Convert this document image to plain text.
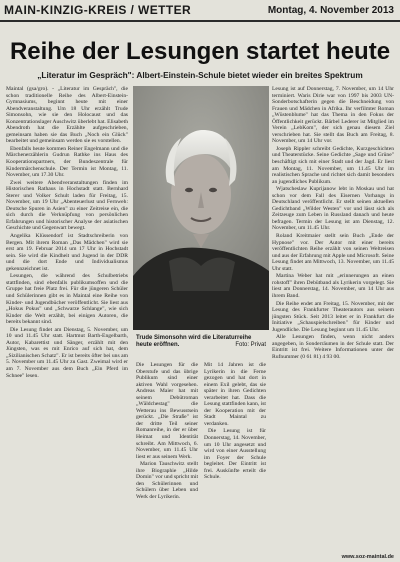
MAIN-KINZIG-KREIS / WETTER	Montag, 4. November 2013
Reihe der Lesungen startet heute
„Literatur im Gespräch": Albert-Einstein-Schule bietet wieder ein breites Spektrum

Maintal (gsa/gro). - „Literatur im Gespräch", die schon traditionelle Reihe des Albert-Einstein-Gymnasiums, beginnt heute mit einer Abendveranstaltung. Um 18 Uhr erzählt Trude Simonsohn, wie sie den Holocaust und das Konzentrationslager Auschwitz überlebt hat. Elisabeth Abendroth hat die Erzählte aufgeschrieben, gemeinsam haben sie das Buch „Noch ein Glück" bearbeitet und gemeinsam werden sie es vorstellen.

Ebenfalls heute kommen Reiner Engelmann und die Märchenerzählerin Gudrun Rathke ins Haus des Kooperationspartners, der Bundeszentrale für Kindermärchenschule. Der Termin ist Montag, 11. November, um 17.30 Uhr.

Zwei weitere Abendveranstaltungen finden im Historischen Rathaus in Hochstadt statt. Bernhard Sterer und Volker Schult laden für Freitag, 15. November, um 19 Uhr „Abenteuerlust und Fernweh: Deutsche Spuren in Asien" zu einer Zeitreise ein, die sich durch die Verknüpfung von persönlichen Erfahrungen und historischer Analyse der asiatischen Geschichte und Gegenwart bewegt.

Angelika Klüssendorf ist Stadtschreiberin von Bergen. Mit ihrem Roman „Das Mädchen" wird sie erst am 19. Februar 2014 um 17 Uhr in Hochstadt sein. Sie wird die Kindheit und Jugend in der DDR und die dort Ende und Individualismus gekennzeichnet ist.

Lesungen, die während des Schulbetriebs stattfinden, sind ebenfalls publikumsoffen und die Gruppe hat freie Platz frei. Für die jüngeren Schüler und Schülerinnen gibt es in Maintal eine Reihe von Kinder- und Jugendbücher veröffentlicht. Sie liest aus „Hokus Pokus" und „Schwarze Schlange", wie sich Kinder die Welt erzählt, bei einigen Autoren, die bereits bekannt sind.

Die Lesung findet am Dienstag, 5. November, um 10 und 11.45 Uhr statt. Hartmut Barth-Engelbarth, Autor, Kabarettist und Sänger, erzählt mit den Jüngsten, was es mit Enrico auf sich hat, dem „Sizilianischen Schatz". Er ist bereits öfter bei uns am 5. November um 11.45 Uhr zu Gast. Zweimal wird er am 7. November aus dem Buch „Ein Pferd im Schnee" lesen.

Trude Simonsohn wird die Literaturreihe heute eröffnen.	Foto: Privat

Die Lesungen für die Oberstufe und das übrige Publikum sind einer aktiven Wahl vorgesehen. Andreas Maier hat mit seinem Debütroman „Wäldchestag" die Wetterau ins Bewusstsein gerückt. „Die Straße" ist der dritte Teil seiner Romanreihe, in der er über Heimat und Identität schreibt. Am Mittwoch, 6. November, um 11.45 Uhr liest er aus seinem Werk.

Marion Tauschwitz stellt ihre Biographie „Hilde Domin" vor und spricht mit den Schülerinnen und Schülern über Leben und Werk der Lyrikerin.

Mit 14 Jahren ist die Lyrikerin in die Ferne gezogen und hat dort in einem Exil gelebt, das sie später in ihren Gedichten verarbeitet hat. Dass die Lesung stattfinden kann, ist der Kooperation mit der Stadt Maintal zu verdanken.

Die Lesung ist für Donnerstag, 14. November, um 10 Uhr angesetzt und wird von einer Ausstellung im Foyer der Schule begleitet. Der Eintritt ist frei. Auskünfte erteilt die Schule.

Lesung ist auf Donnerstag, 7. November, um 14 Uhr terminiert. Waris Dirie war von 1997 bis 2003 UN-Sonderbotschafterin gegen die Beschneidung von Frauen und Mädchen in Afrika. Ihr verfilmter Roman „Wüstenblume" hat das Thema in den Fokus der Öffentlichkeit gerückt. Bärbel Lederer ist Mitglied im Verein „LebKom", der sich genau diesem Ziel verschrieben hat. Sie stellt das Buch am Freitag, 8. November, um 14 Uhr vor.

Joseph Rippler schreibt Gedichte, Kurzgeschichten und Theaterstücke. Seine Gedichte „Sage und Grüne" beschäftigt sich mit einer Stadt und der Jagd. Er liest am Montag, 11. November, um 11.45 Uhr im realistischen Sprache und richtet sich damit besonders an jugendliches Publikum.

Wjatscheslaw Kuprijanow lebt in Moskau und hat schon vor dem Fall des Eisernen Vorhangs in Deutschland veröffentlicht. Er stellt seinen aktuellen Gedichtband „Wilder Westen" vor und lässt sich als Zeitzeuge zum Leben in Russland danach und heute befragen. Termin der Lesung ist am Dienstag, 12. November, um 11.45 Uhr.

Roland Kreitmaier stellt sein Buch „Ende der Hypnose" vor. Der Autor mit einer bereits veröffentlichten Reihe erzählt von seinen Weltreisen und aus der Erfahrung mit Apple und Microsoft. Seine Lesung findet am Mittwoch, 13. November, um 11.45 Uhr statt.

Martina Weber hat mit „erinnerungen an einen rohstoff" ihren Debütband als Lyrikerin vorgelegt. Sie liest am Donnerstag, 14. November, um 14 Uhr aus ihrem Band.

Die Reihe endet am Freitag, 15. November, mit der Lesung des Frankfurter Theaterautors aus seinem jüngsten Stück. Seit 2013 leitet er in Frankfurt die Initiative „Schauspielschreiben" für Kinder und Jugendliche. Die Lesung beginnt um 11.45 Uhr.

Alle Lesungen finden, wenn nicht anders angegeben, in Sonderräumen in der Schule statt. Der Eintritt ist frei. Weitere Informationen unter der Rufnummer (0 61 81) 4 93 00.

www.soz-maintal.de
